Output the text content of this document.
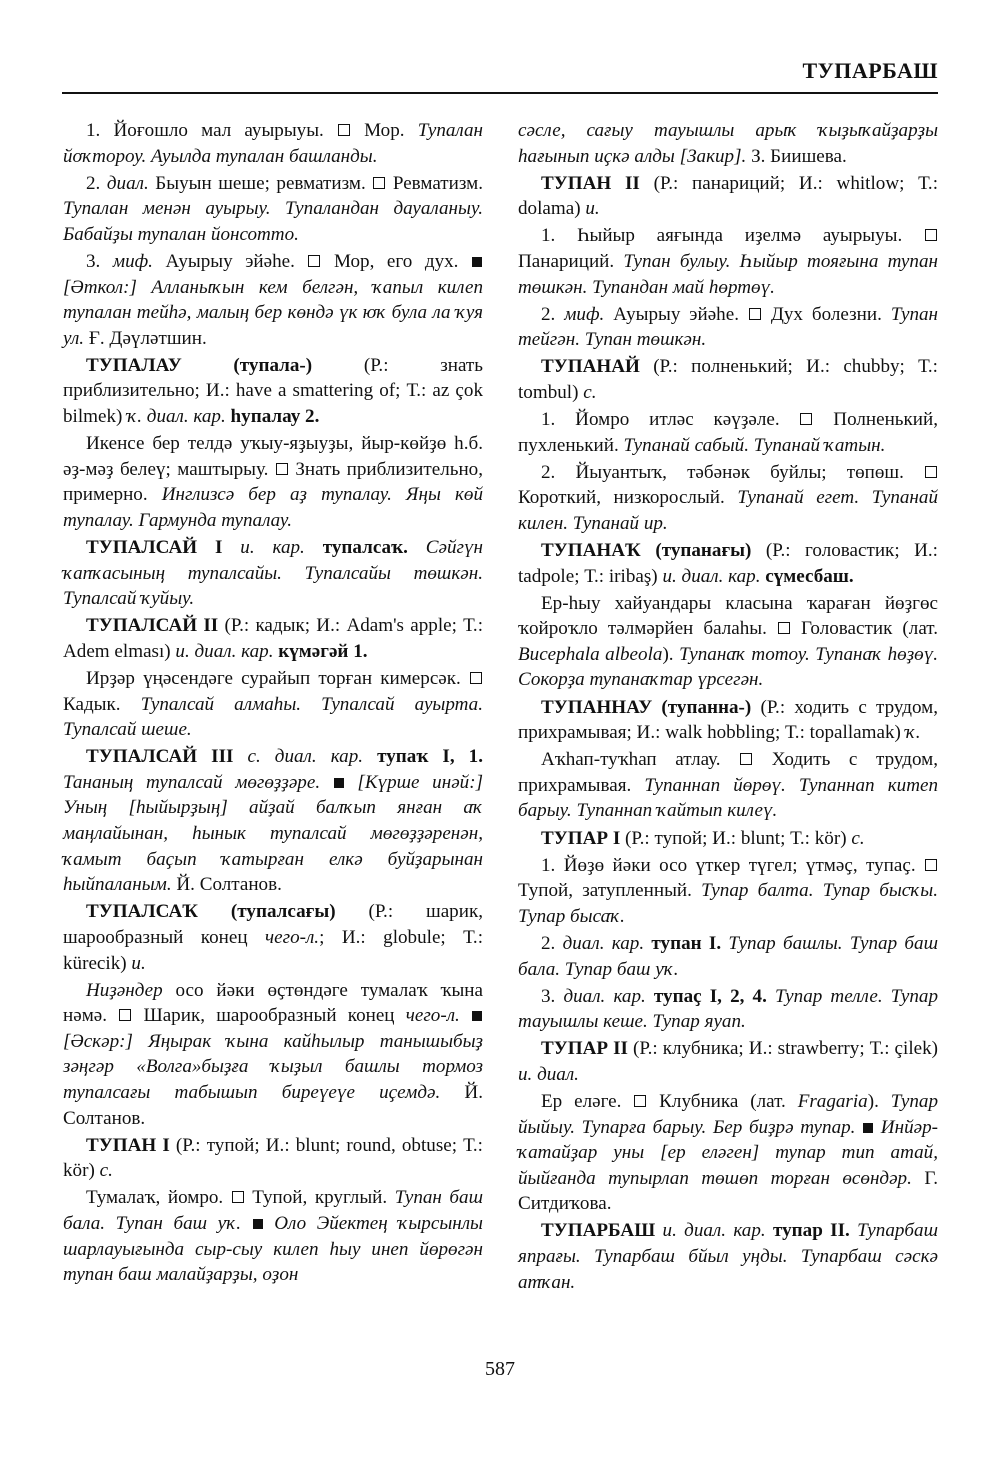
ТУПАРБАШ

1. Йоғошло мал ауырыуы.  Мор. Тупалан йоҡтороу. Ауылда тупалан башланды.

2. диал. Быуын шеше; ревматизм.  Ревматизм. Тупалан менән ауырыу. Тупаландан дауаланыу. Бабайҙы тупалан йонсотто.

3. миф. Ауырыу эйәһе.  Мор, его дух.  [Әткол:] Алланыҡын кем белгән, ҡапыл килеп тупалан тейһә, малың бер көндә үк юҡ була ла ҡуя ул. Ғ. Дәүләтшин.

ТУПАЛАУ (тупала-) (Р.: знать приблизительно; И.: have a smattering of; Т.: az çok bilmek) ҡ. диал. кар. һупалау 2.

Икенсе бер телдә уҡыу-яҙыуҙы, йыр-көйҙө һ.б. әҙ-мәҙ белеү; маштырыу.  Знать приблизительно, примерно. Инглизсә бер аҙ тупалау. Яңы көй тупалау. Гармунда тупалау.

ТУПАЛСАЙ I и. кар. тупалсаҡ. Сәйгүн ҡапҡасының тупалсайы. Тупалсайы төшкән. Тупалсай ҡуйыу.

ТУПАЛСАЙ II (Р.: кадык; И.: Adam's apple; Т.: Adem elması) и. диал. кар. күмәгәй 1.

Ирҙәр үңәсендәге сурайып торған кимерсәк.  Кадык. Тупалсай алмаһы. Тупалсай ауырта. Тупалсай шеше.

ТУПАЛСАЙ III с. диал. кар. тупаҡ I, 1. Тананың тупалсай мөгөҙҙәре.  [Күрше инәй:] Уның [һыйырҙың] айҙай балҡып янған аҡ маңлайынан, һынык тупалсай мөгөҙҙәренән, ҡамыт баҫып ҡатырған елкә буйҙарынан һыйпаланым. Й. Солтанов.

ТУПАЛСАҠ (тупалсағы) (Р.: шарик, шарообразный конец чего-л.; И.: globule; Т.: kürecik) и.

Ниҙәндер осо йәки өҫтөндәге тумалаҡ ҡына нәмә.  Шарик, шарообразный конец чего-л.  [Әскәр:] Яңырак ҡына кайһылыр танышыбыҙ зәңгәр «Волга»быҙға ҡыҙыл башлы тормоз тупалсағы табышып биреүеүе иҫемдә. Й. Солтанов.

ТУПАН I (Р.: тупой; И.: blunt; round, obtuse; Т.: kör) с.

Тумалаҡ, йомро.  Тупой, круглый. Тупан баш бала. Тупан баш уҡ.  Оло Эйектең ҡырсынлы шарлауығында сыр-сыу килеп һыу инеп йөрөгән тупан баш малайҙарҙы, оҙон

сәсле, сағыу тауышлы арыҡ ҡыҙыҡайҙарҙы һағынып иҫкә алды [Закир]. З. Биишева.

ТУПАН II (Р.: панариций; И.: whitlow; Т.: dolama) и.

1. Һыйыр аяғында иҙелмә ауырыуы.  Панариций. Тупан булыу. Һыйыр тояғына тупан төшкән. Тупандан май һөртөү.

2. миф. Ауырыу эйәһе.  Дух болезни. Тупан тейгән. Тупан төшкән.

ТУПАНАЙ (Р.: полненький; И.: chubby; Т.: tombul) с.

1. Йомро итләс кәүҙәле.  Полненький, пухленький. Тупанай сабый. Тупанай ҡатын.

2. Йыуантыҡ, тәбәнәк буйлы; төпөш.  Короткий, низкорослый. Тупанай егет. Тупанай килен. Тупанай ир.

ТУПАНАҠ (тупанағы) (Р.: головастик; И.: tadpole; Т.: iribaş) и. диал. кар. сүмесбаш.

Ер-һыу хайуандары класына ҡараған йөҙгөс ҡойроҡло тәлмәрйен балаһы.  Головастик (лат. Bucephala albeola). Тупанаҡ тотоу. Тупанаҡ һөҙөү. Сокорҙа тупанаҡтар үрсегән.

ТУПАННАУ (тупанна-) (Р.: ходить с трудом, прихрамывая; И.: walk hobbling; Т.: topallamak) ҡ.

Аҡһап-туҡһап атлау.  Ходить с трудом, прихрамывая. Тупаннап йөрөү. Тупаннап китеп барыу. Тупаннап ҡайтып килеү.

ТУПАР I (Р.: тупой; И.: blunt; Т.: kör) с.

1. Йөҙө йәки осо үткер түгел; үтмәҫ, тупаҫ.  Тупой, затупленный. Тупар балта. Тупар бысҡы. Тупар бысаҡ.

2. диал. кар. тупан I. Тупар башлы. Тупар баш бала. Тупар баш уҡ.

3. диал. кар. тупаҫ I, 2, 4. Тупар телле. Тупар тауышлы кеше. Тупар яуап.

ТУПАР II (Р.: клубника; И.: strawberry; Т.: çilek) и. диал.

Ер еләге.  Клубника (лат. Fragaria). Тупар йыйыу. Тупарға барыу. Бер биҙрә тупар.  Инйәр-ҡатайҙар уны [ер еләген] тупар тип атай, йыйғанда тупырлап төшөп торған өсөндәр. Г. Ситдиҡова.

ТУПАРБАШ и. диал. кар. тупар II. Тупарбаш япрағы. Тупарбаш бйыл уңды. Тупарбаш сәскә атҡан.

587
